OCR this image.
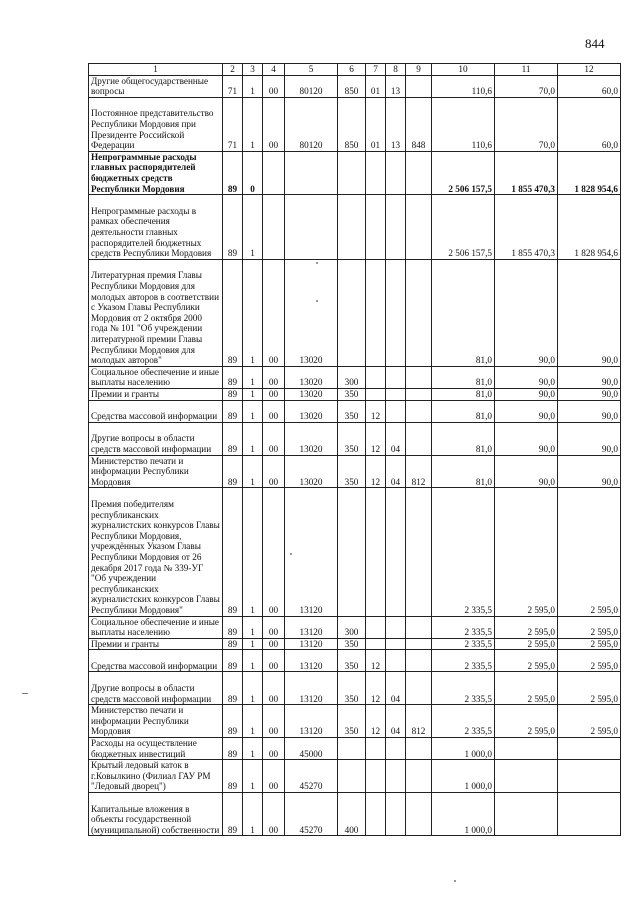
844
1	2	3	4	5	6	7	8	9	10	11	12
Другие общегосударственные вопросы	71	1	00	80120	850	01	13		110,6	70,0	60,0
Постоянное представительство Республики Мордовия при Президенте Российской Федерации	71	1	00	80120	850	01	13	848	110,6	70,0	60,0
Непрограммные расходы главных распорядителей бюджетных средств Республики Мордовия	89	0							2 506 157,5	1 855 470,3	1 828 954,6
Непрограммные расходы в рамках обеспечения деятельности главных распорядителей бюджетных средств Республики Мордовия	89	1							2 506 157,5	1 855 470,3	1 828 954,6
Литературная премия Главы Республики Мордовия для молодых авторов в соответствии с Указом Главы Республики Мордовия от 2 октября 2000 года № 101 "Об учреждении литературной премии Главы Республики Мордовия для молодых авторов"	89	1	00	13020					81,0	90,0	90,0
Социальное обеспечение и иные выплаты населению	89	1	00	13020	300				81,0	90,0	90,0
Премии и гранты	89	1	00	13020	350				81,0	90,0	90,0
Средства массовой информации	89	1	00	13020	350	12			81,0	90,0	90,0
Другие вопросы в области средств массовой информации	89	1	00	13020	350	12	04		81,0	90,0	90,0
Министерство печати и информации Республики Мордовия	89	1	00	13020	350	12	04	812	81,0	90,0	90,0
Премия победителям республиканских журналистских конкурсов Главы Республики Мордовия, учреждённых Указом Главы Республики Мордовия от 26 декабря 2017 года № 339-УГ "Об учреждении республиканских журналистских конкурсов Главы Республики Мордовия"	89	1	00	13120					2 335,5	2 595,0	2 595,0
Социальное обеспечение и иные выплаты населению	89	1	00	13120	300				2 335,5	2 595,0	2 595,0
Премии и гранты	89	1	00	13120	350				2 335,5	2 595,0	2 595,0
Средства массовой информации	89	1	00	13120	350	12			2 335,5	2 595,0	2 595,0
Другие вопросы в области средств массовой информации	89	1	00	13120	350	12	04		2 335,5	2 595,0	2 595,0
Министерство печати и информации Республики Мордовия	89	1	00	13120	350	12	04	812	2 335,5	2 595,0	2 595,0
Расходы на осуществление бюджетных инвестиций	89	1	00	45000					1 000,0		
Крытый ледовый каток в г.Ковылкино (Филиал ГАУ РМ "Ледовый дворец")	89	1	00	45270					1 000,0		
Капитальные вложения в объекты государственной (муниципальной) собственности	89	1	00	45270	400				1 000,0		
